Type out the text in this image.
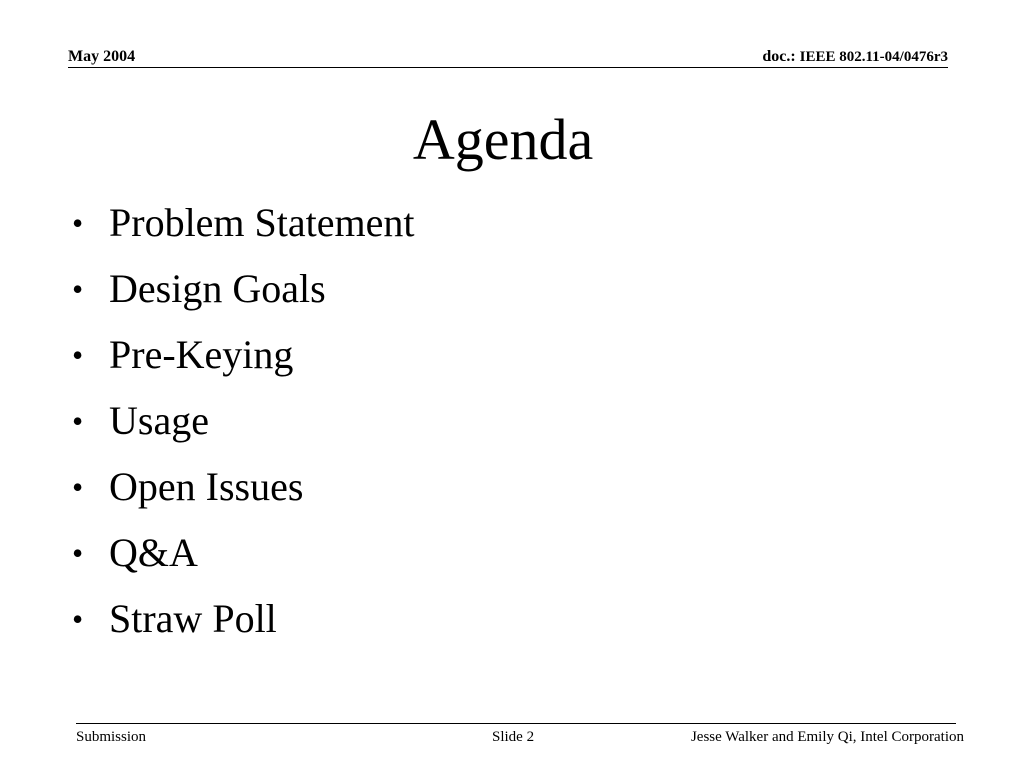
May 2004	doc.: IEEE 802.11-04/0476r3
Agenda
• Problem Statement
• Design Goals
• Pre-Keying
• Usage
• Open Issues
• Q&A
• Straw Poll
Submission	Slide 2	Jesse Walker and Emily Qi, Intel Corporation
